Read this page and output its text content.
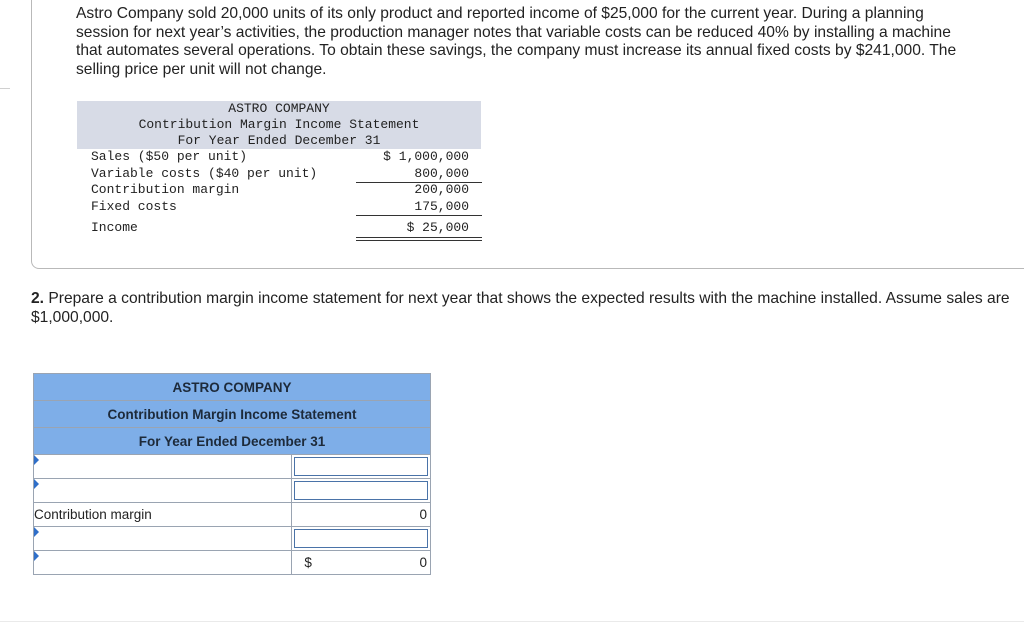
Astro Company sold 20,000 units of its only product and reported income of $25,000 for the current year. During a planning session for next year’s activities, the production manager notes that variable costs can be reduced 40% by installing a machine that automates several operations. To obtain these savings, the company must increase its annual fixed costs by $241,000. The selling price per unit will not change.
ASTRO COMPANY
Contribution Margin Income Statement
For Year Ended December 31
Sales ($50 per unit)	$ 1,000,000
Variable costs ($40 per unit)	800,000
Contribution margin	200,000
Fixed costs	175,000
Income	$ 25,000
2. Prepare a contribution margin income statement for next year that shows the expected results with the machine installed. Assume sales are $1,000,000.
ASTRO COMPANY	
Contribution Margin Income Statement	
For Year Ended December 31	

Contribution margin	0

	$ 0
